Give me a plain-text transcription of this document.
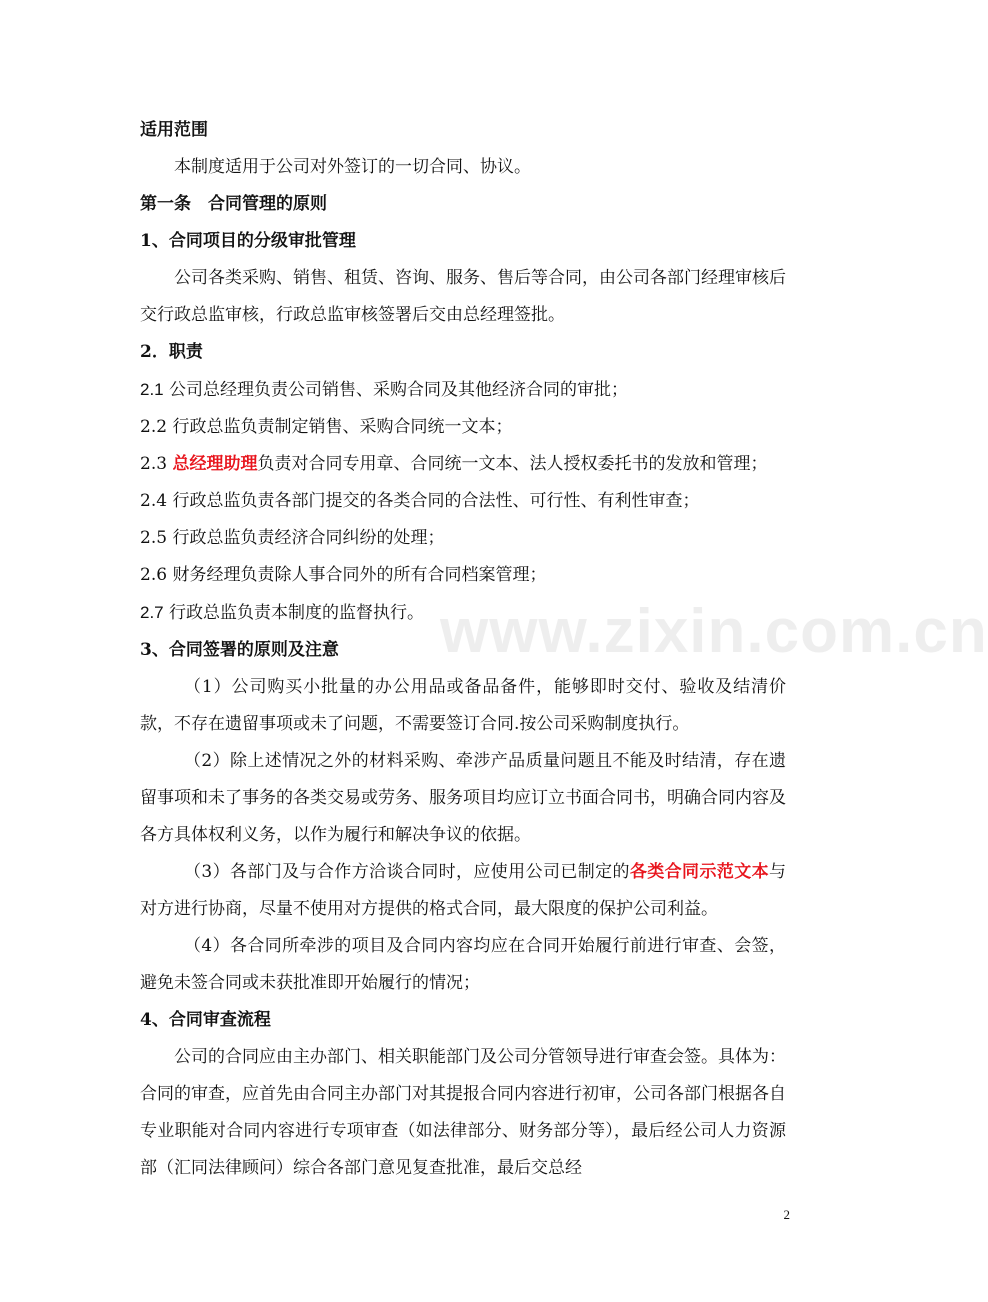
适用范围

本制度适用于公司对外签订的一切合同、协议。

第一条　合同管理的原则

1、合同项目的分级审批管理

公司各类采购、销售、租赁、咨询、服务、售后等合同，由公司各部门经理审核后交行政总监审核，行政总监审核签署后交由总经理签批。

2．职责

2.1 公司总经理负责公司销售、采购合同及其他经济合同的审批；

2.2 行政总监负责制定销售、采购合同统一文本；

2.3 总经理助理负责对合同专用章、合同统一文本、法人授权委托书的发放和管理；

2.4 行政总监负责各部门提交的各类合同的合法性、可行性、有利性审查；

2.5 行政总监负责经济合同纠纷的处理；

2.6 财务经理负责除人事合同外的所有合同档案管理；

2.7 行政总监负责本制度的监督执行。

3、合同签署的原则及注意

（1）公司购买小批量的办公用品或备品备件，能够即时交付、验收及结清价款，不存在遗留事项或未了问题，不需要签订合同.按公司采购制度执行。

（2）除上述情况之外的材料采购、牵涉产品质量问题且不能及时结清，存在遗留事项和未了事务的各类交易或劳务、服务项目均应订立书面合同书，明确合同内容及各方具体权利义务，以作为履行和解决争议的依据。

（3）各部门及与合作方洽谈合同时，应使用公司已制定的各类合同示范文本与对方进行协商，尽量不使用对方提供的格式合同，最大限度的保护公司利益。

（4）各合同所牵涉的项目及合同内容均应在合同开始履行前进行审查、会签，避免未签合同或未获批准即开始履行的情况；

4、合同审查流程

公司的合同应由主办部门、相关职能部门及公司分管领导进行审查会签。具体为：合同的审查，应首先由合同主办部门对其提报合同内容进行初审，公司各部门根据各自专业职能对合同内容进行专项审查（如法律部分、财务部分等），最后经公司人力资源部（汇同法律顾问）综合各部门意见复查批准，最后交总经

www.zixin.com.cn
2
